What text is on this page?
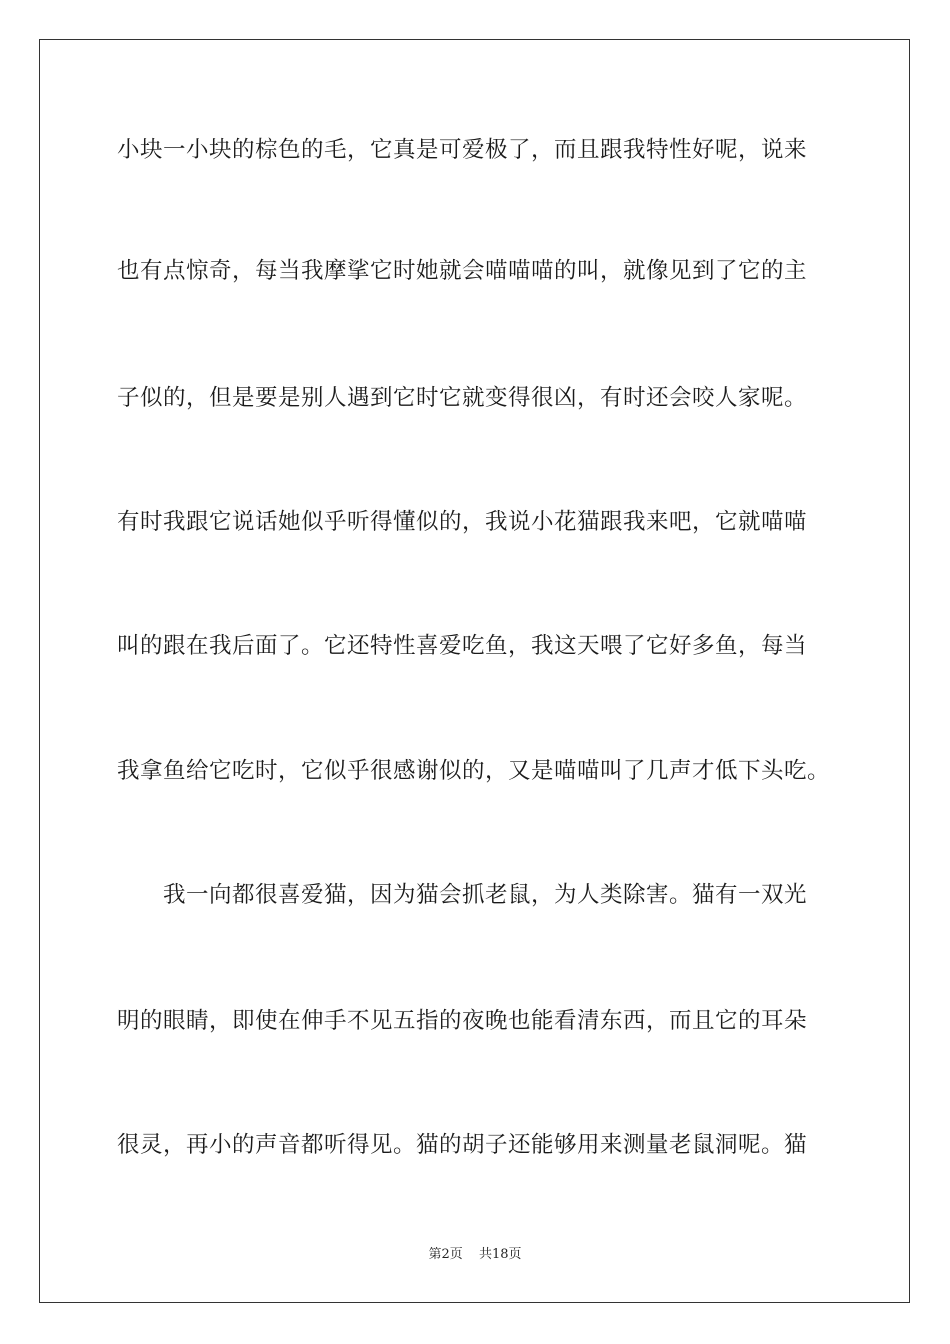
小块一小块的棕色的毛，它真是可爱极了，而且跟我特性好呢，说来
也有点惊奇，每当我摩挲它时她就会喵喵喵的叫，就像见到了它的主
子似的，但是要是别人遇到它时它就变得很凶，有时还会咬人家呢。
有时我跟它说话她似乎听得懂似的，我说小花猫跟我来吧，它就喵喵
叫的跟在我后面了。它还特性喜爱吃鱼，我这天喂了它好多鱼，每当
我拿鱼给它吃时，它似乎很感谢似的，又是喵喵叫了几声才低下头吃。
　　我一向都很喜爱猫，因为猫会抓老鼠，为人类除害。猫有一双光
明的眼睛，即使在伸手不见五指的夜晚也能看清东西，而且它的耳朵
很灵，再小的声音都听得见。猫的胡子还能够用来测量老鼠洞呢。猫
第2页 共18页
